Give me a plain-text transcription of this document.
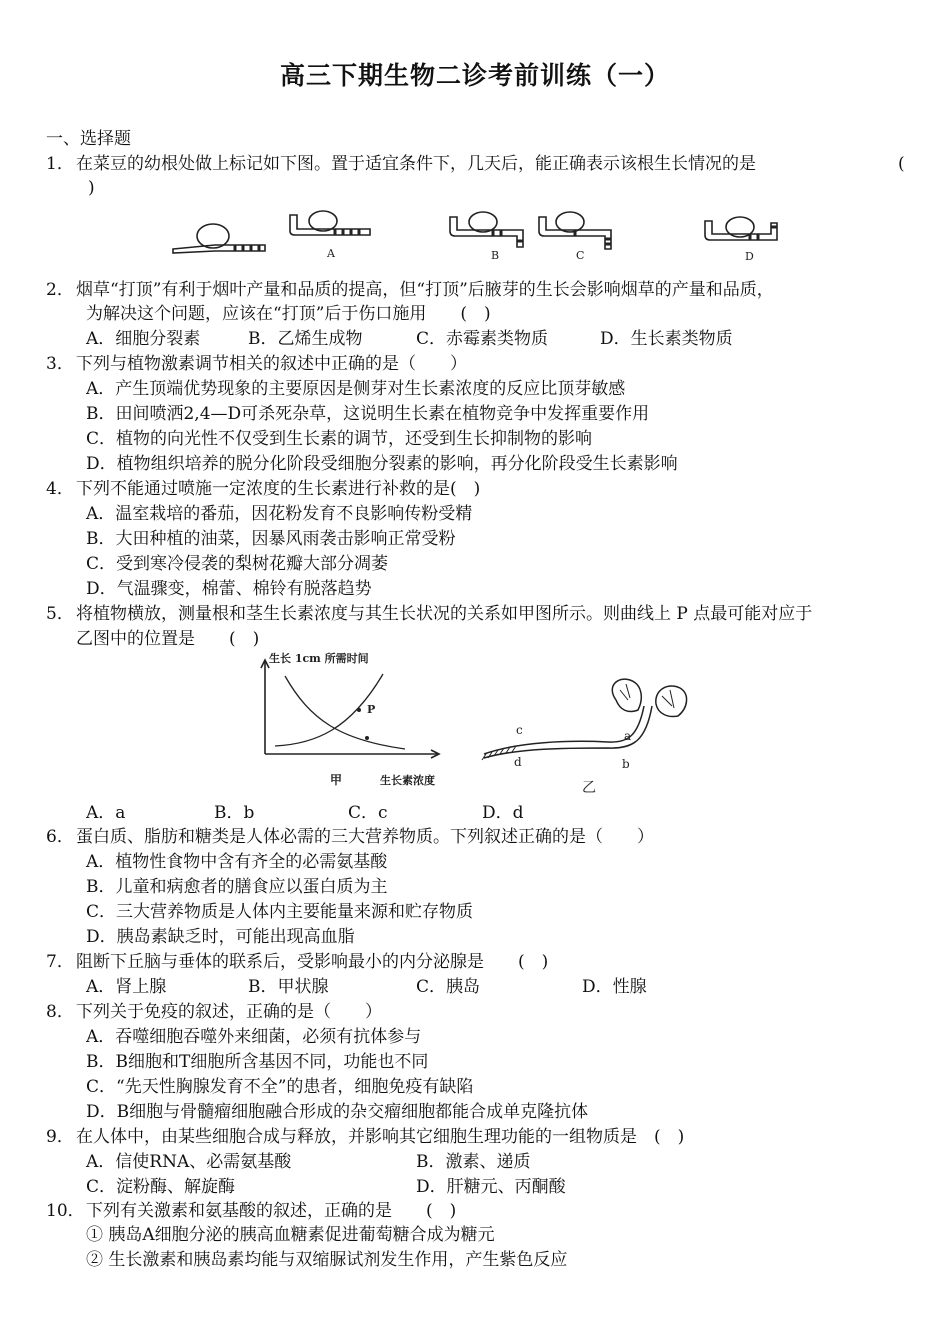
高三下期生物二诊考前训练（一）
一、选择题
1． 在菜豆的幼根处做上标记如下图。置于适宜条件下，几天后，能正确表示该根生长情况的是	(
)
A	B	C	D
2． 烟草“打顶”有利于烟叶产量和品质的提高，但“打顶”后腋芽的生长会影响烟草的产量和品质，
为解决这个问题，应该在“打顶”后于伤口施用　　(　)
A．细胞分裂素	B．乙烯生成物	C．赤霉素类物质	D．生长素类物质
3． 下列与植物激素调节相关的叙述中正确的是（　　）
A．产生顶端优势现象的主要原因是侧芽对生长素浓度的反应比顶芽敏感
B．田间喷洒2,4—D可杀死杂草，这说明生长素在植物竞争中发挥重要作用
C．植物的向光性不仅受到生长素的调节，还受到生长抑制物的影响
D．植物组织培养的脱分化阶段受细胞分裂素的影响，再分化阶段受生长素影响
4． 下列不能通过喷施一定浓度的生长素进行补救的是(　)
A．温室栽培的番茄，因花粉发育不良影响传粉受精
B．大田种植的油菜，因暴风雨袭击影响正常受粉
C．受到寒冷侵袭的梨树花瓣大部分凋萎
D．气温骤变，棉蕾、棉铃有脱落趋势
5． 将植物横放，测量根和茎生长素浓度与其生长状况的关系如甲图所示。则曲线上 P 点最可能对应于
乙图中的位置是　　(　)
生长 1cm 所需时间
P
甲	生长素浓度
a
b
c
d
乙
A．a	B．b	C．c	D．d
6． 蛋白质、脂肪和糖类是人体必需的三大营养物质。下列叙述正确的是（　　）
A．植物性食物中含有齐全的必需氨基酸
B．儿童和病愈者的膳食应以蛋白质为主
C．三大营养物质是人体内主要能量来源和贮存物质
D．胰岛素缺乏时，可能出现高血脂
7． 阻断下丘脑与垂体的联系后，受影响最小的内分泌腺是　　(　)
A．肾上腺	B．甲状腺	C．胰岛	D．性腺
8． 下列关于免疫的叙述，正确的是（　　）
A．吞噬细胞吞噬外来细菌，必须有抗体参与
B．B细胞和T细胞所含基因不同，功能也不同
C．“先天性胸腺发育不全”的患者，细胞免疫有缺陷
D．B细胞与骨髓瘤细胞融合形成的杂交瘤细胞都能合成单克隆抗体
9． 在人体中，由某些细胞合成与释放，并影响其它细胞生理功能的一组物质是　(　)
A．信使RNA、必需氨基酸	B．激素、递质
C．淀粉酶、解旋酶	D．肝糖元、丙酮酸
10． 下列有关激素和氨基酸的叙述，正确的是　　(　)
① 胰岛A细胞分泌的胰高血糖素促进葡萄糖合成为糖元
② 生长激素和胰岛素均能与双缩脲试剂发生作用，产生紫色反应
